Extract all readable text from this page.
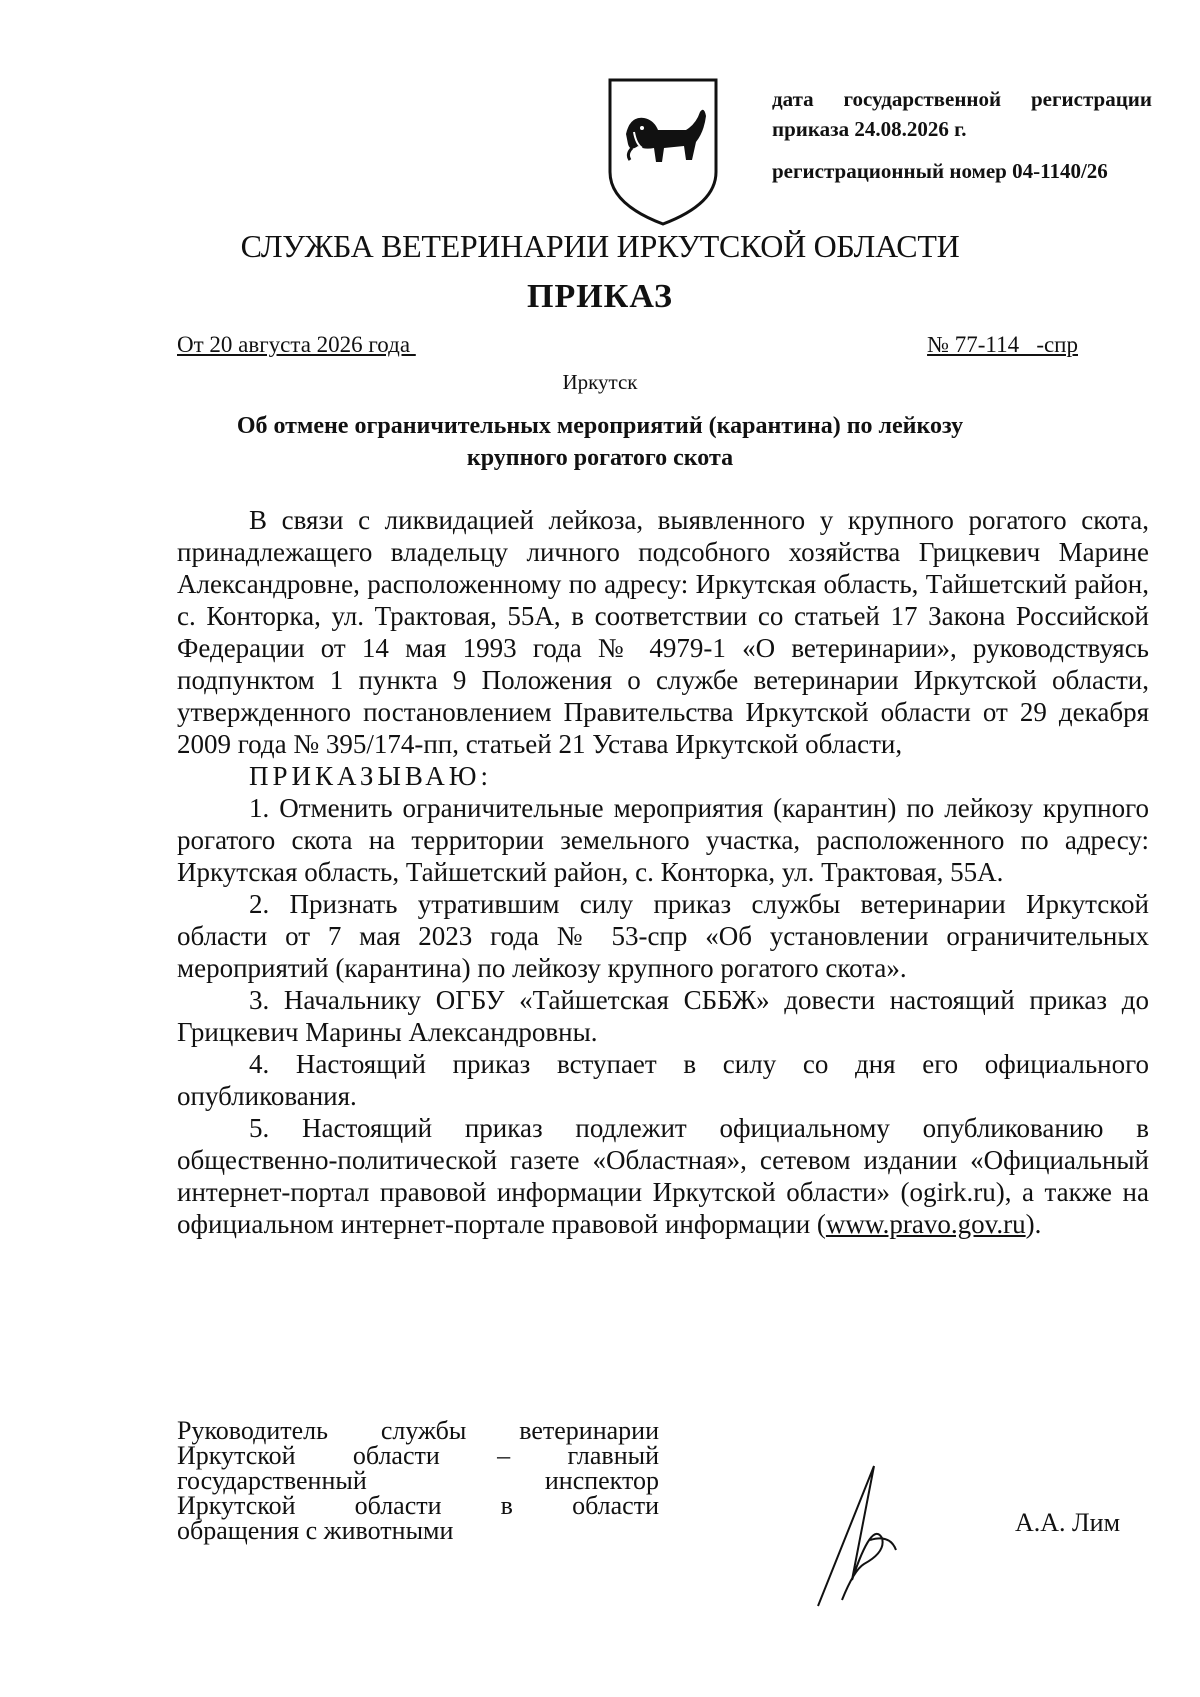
дата государственной регистрации
приказа 24.08.2026 г.
регистрационный номер 04-1140/26
СЛУЖБА ВЕТЕРИНАРИИ ИРКУТСКОЙ ОБЛАСТИ
ПРИКАЗ
От 20 августа 2026 года	№ 77-114   -спр
Иркутск
Об отмене ограничительных мероприятий (карантина) по лейкозу
крупного рогатого скота

В связи с ликвидацией лейкоза, выявленного у крупного рогатого скота, принадлежащего владельцу личного подсобного хозяйства Грицкевич Марине Александровне, расположенному по адресу: Иркутская область, Тайшетский район, с. Конторка, ул. Трактовая, 55А, в соответствии со статьей 17 Закона Российской Федерации от 14 мая 1993 года № 4979-1 «О ветеринарии», руководствуясь подпунктом 1 пункта 9 Положения о службе ветеринарии Иркутской области, утвержденного постановлением Правительства Иркутской области от 29 декабря 2009 года № 395/174-пп, статьей 21 Устава Иркутской области,

ПРИКАЗЫВАЮ:

1. Отменить ограничительные мероприятия (карантин) по лейкозу крупного рогатого скота на территории земельного участка, расположенного по адресу: Иркутская область, Тайшетский район, с. Конторка, ул. Трактовая, 55А.

2. Признать утратившим силу приказ службы ветеринарии Иркутской области от 7 мая 2023 года № 53-спр «Об установлении ограничительных мероприятий (карантина) по лейкозу крупного рогатого скота».

3. Начальнику ОГБУ «Тайшетская СББЖ» довести настоящий приказ до Грицкевич Марины Александровны.

4. Настоящий приказ вступает в силу со дня его официального опубликования.

5. Настоящий приказ подлежит официальному опубликованию в общественно-политической газете «Областная», сетевом издании «Официальный интернет-портал правовой информации Иркутской области» (ogirk.ru), а также на официальном интернет-портале правовой информации (www.pravo.gov.ru).

Руководитель службы ветеринарии
Иркутской области – главный
государственный инспектор
Иркутской области в области
обращения с животными	А.А. Лим
